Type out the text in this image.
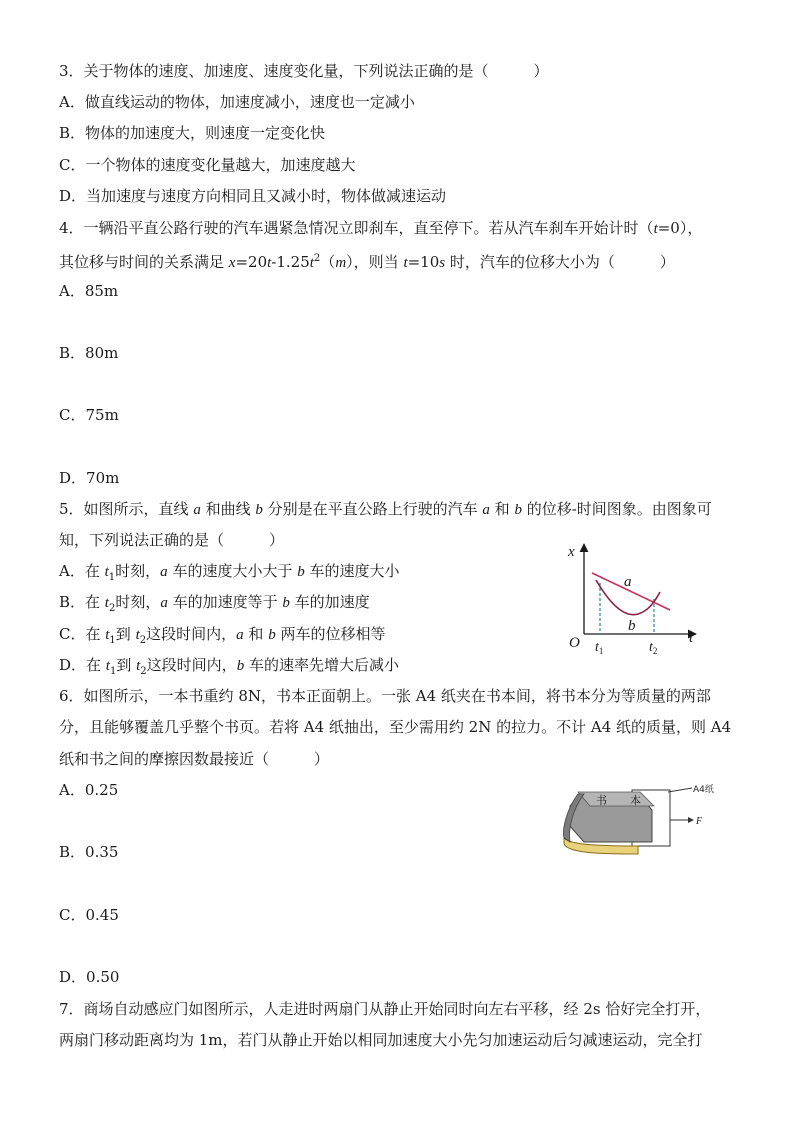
3．关于物体的速度、加速度、速度变化量，下列说法正确的是（　　　）
A．做直线运动的物体，加速度减小，速度也一定减小
B．物体的加速度大，则速度一定变化快
C．一个物体的速度变化量越大，加速度越大
D．当加速度与速度方向相同且又减小时，物体做减速运动
4．一辆沿平直公路行驶的汽车遇紧急情况立即刹车，直至停下。若从汽车刹车开始计时（t=0），
其位移与时间的关系满足 $x=20t-1.25t^2(m)$，则当 t=10s 时，汽车的位移大小为（　　　）
A．85m
B．80m
C．75m
D．70m
5．如图所示，直线 a 和曲线 b 分别是在平直公路上行驶的汽车 a 和 b 的位移-时间图象。由图象可
知，下列说法正确的是（　　　）
A．在 $t_1$时刻，a 车的速度大小大于 b 车的速度大小
B．在 $t_2$时刻，a 车的加速度等于 b 车的加速度
C．在 $t_1$到 $t_2$这段时间内，a 和 b 两车的位移相等
D．在 $t_1$到 $t_2$这段时间内，b 车的速率先增大后减小
x
t
O
a
b
$t_1$	$t_2$
6．如图所示，一本书重约 8N，书本正面朝上。一张 A4 纸夹在书本间，将书本分为等质量的两部
分，且能够覆盖几乎整个书页。若将 A4 纸抽出，至少需用约 2N 的拉力。不计 A4 纸的质量，则 A4
纸和书之间的摩擦因数最接近（　　　）
A．0.25
B．0.35
C．0.45
D．0.50
书 本
A4纸
F
7．商场自动感应门如图所示，人走进时两扇门从静止开始同时向左右平移，经 2s 恰好完全打开，
两扇门移动距离均为 1m，若门从静止开始以相同加速度大小先匀加速运动后匀减速运动，完全打
